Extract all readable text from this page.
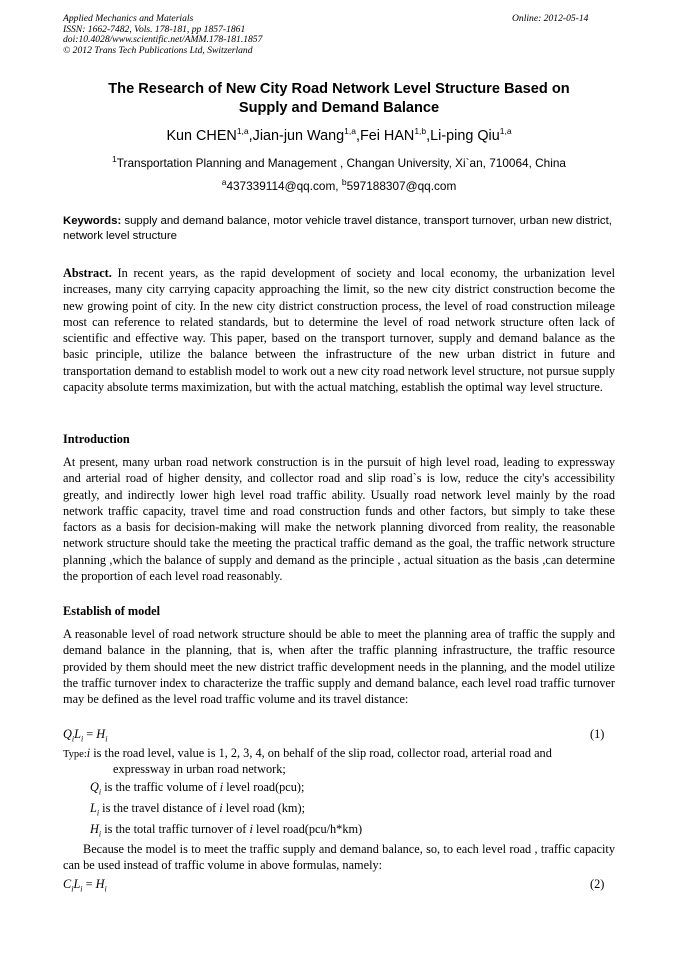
Applied Mechanics and Materials
ISSN: 1662-7482, Vols. 178-181, pp 1857-1861
doi:10.4028/www.scientific.net/AMM.178-181.1857
© 2012 Trans Tech Publications Ltd, Switzerland
Online: 2012-05-14
The Research of New City Road Network Level Structure Based on
Supply and Demand Balance
Kun CHEN$^{1,a}$,Jian-jun Wang$^{1,a}$,Fei HAN$^{1,b}$,Li-ping Qiu$^{1,a}$
$^1$Transportation Planning and Management , Changan University, Xi`an, 710064, China
$^a$437339114@qq.com, $^b$597188307@qq.com
Keywords: supply and demand balance, motor vehicle travel distance, transport turnover, urban new district, network level structure
Abstract. In recent years, as the rapid development of society and local economy, the urbanization level increases, many city carrying capacity approaching the limit, so the new city district construction become the new growing point of city. In the new city district construction process, the level of road construction mileage most can reference to related standards, but to determine the level of road network structure often lack of scientific and effective way. This paper, based on the transport turnover, supply and demand balance as the basic principle, utilize the balance between the infrastructure of the new urban district in future and transportation demand to establish model to work out a new city road network level structure, not pursue supply capacity absolute terms maximization, but with the actual matching, establish the optimal way level structure.
Introduction
At present, many urban road network construction is in the pursuit of high level road, leading to expressway and arterial road of higher density, and collector road and slip road`s is low, reduce the city's accessibility greatly, and indirectly lower high level road traffic ability. Usually road network level mainly by the road network traffic capacity, travel time and road construction funds and other factors, but simply to take these factors as a basis for decision-making will make the network planning divorced from reality, the reasonable network structure should take the meeting the practical traffic demand as the goal, the traffic network structure planning ,which the balance of supply and demand as the principle , actual situation as the basis ,can determine the proportion of each level road reasonably.
Establish of model
A reasonable level of road network structure should be able to meet the planning area of traffic the supply and demand balance in the planning, that is, when after the traffic planning infrastructure, the traffic resource provided by them should meet the new district traffic development needs in the planning, and the model utilize the traffic turnover index to characterize the traffic supply and demand balance, each level road traffic turnover may be defined as the level road traffic volume and its travel distance:
$Q_iL_i = H_i$	(1)
Type:i is the road level, value is 1, 2, 3, 4, on behalf of the slip road, collector road, arterial road and
expressway in urban road network;
$Q_i$ is the traffic volume of i level road(pcu);
$L_i$ is the travel distance of i level road (km);
$H_i$ is the total traffic turnover of i level road(pcu/h*km)
Because the model is to meet the traffic supply and demand balance, so, to each level road , traffic capacity can be used instead of traffic volume in above formulas, namely:
$C_iL_i = H_i$	(2)
